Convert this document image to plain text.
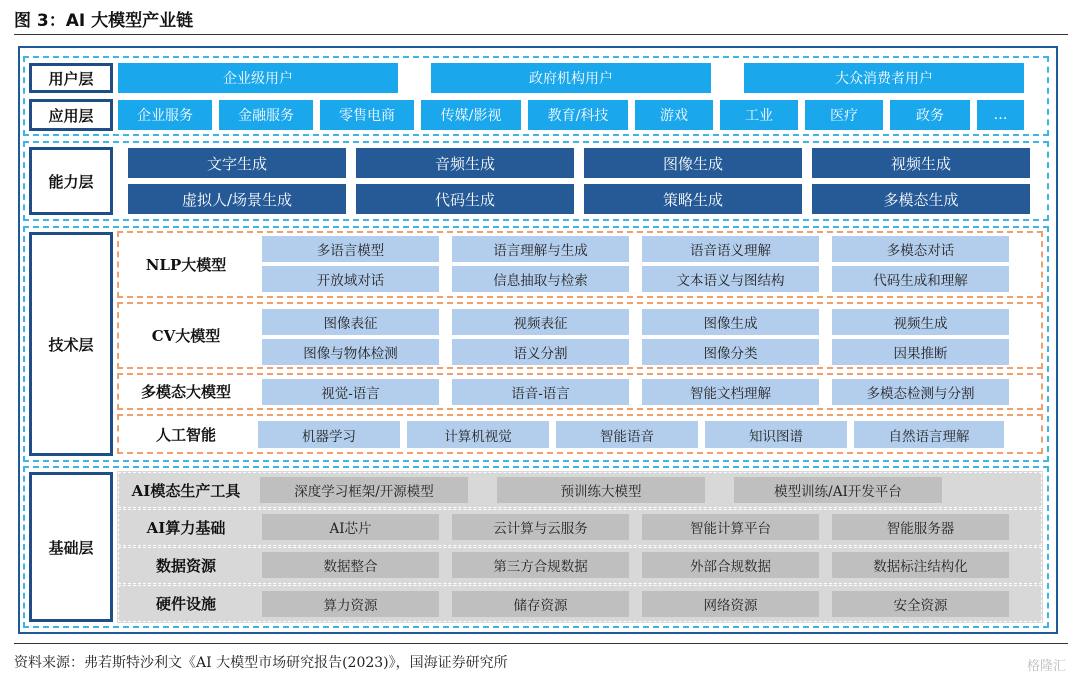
图 3：AI 大模型产业链
用户层	企业级用户	政府机构用户	大众消费者用户
应用层	企业服务	金融服务	零售电商	传媒/影视	教育/科技	游戏	工业	医疗	政务	…
能力层
文字生成	音频生成	图像生成	视频生成
虚拟人/场景生成	代码生成	策略生成	多模态生成
技术层
NLP大模型
多语言模型	语言理解与生成	语音语义理解	多模态对话
开放域对话	信息抽取与检索	文本语义与图结构	代码生成和理解
CV大模型
图像表征	视频表征	图像生成	视频生成
图像与物体检测	语义分割	图像分类	因果推断
多模态大模型	视觉-语言	语音-语言	智能文档理解	多模态检测与分割
人工智能	机器学习	计算机视觉	智能语音	知识图谱	自然语言理解
基础层
AI模态生产工具	深度学习框架/开源模型	预训练大模型	模型训练/AI开发平台
AI算力基础	AI芯片	云计算与云服务	智能计算平台	智能服务器
数据资源	数据整合	第三方合规数据	外部合规数据	数据标注结构化
硬件设施	算力资源	储存资源	网络资源	安全资源
资料来源：弗若斯特沙利文《AI 大模型市场研究报告(2023)》，国海证券研究所	格隆汇
